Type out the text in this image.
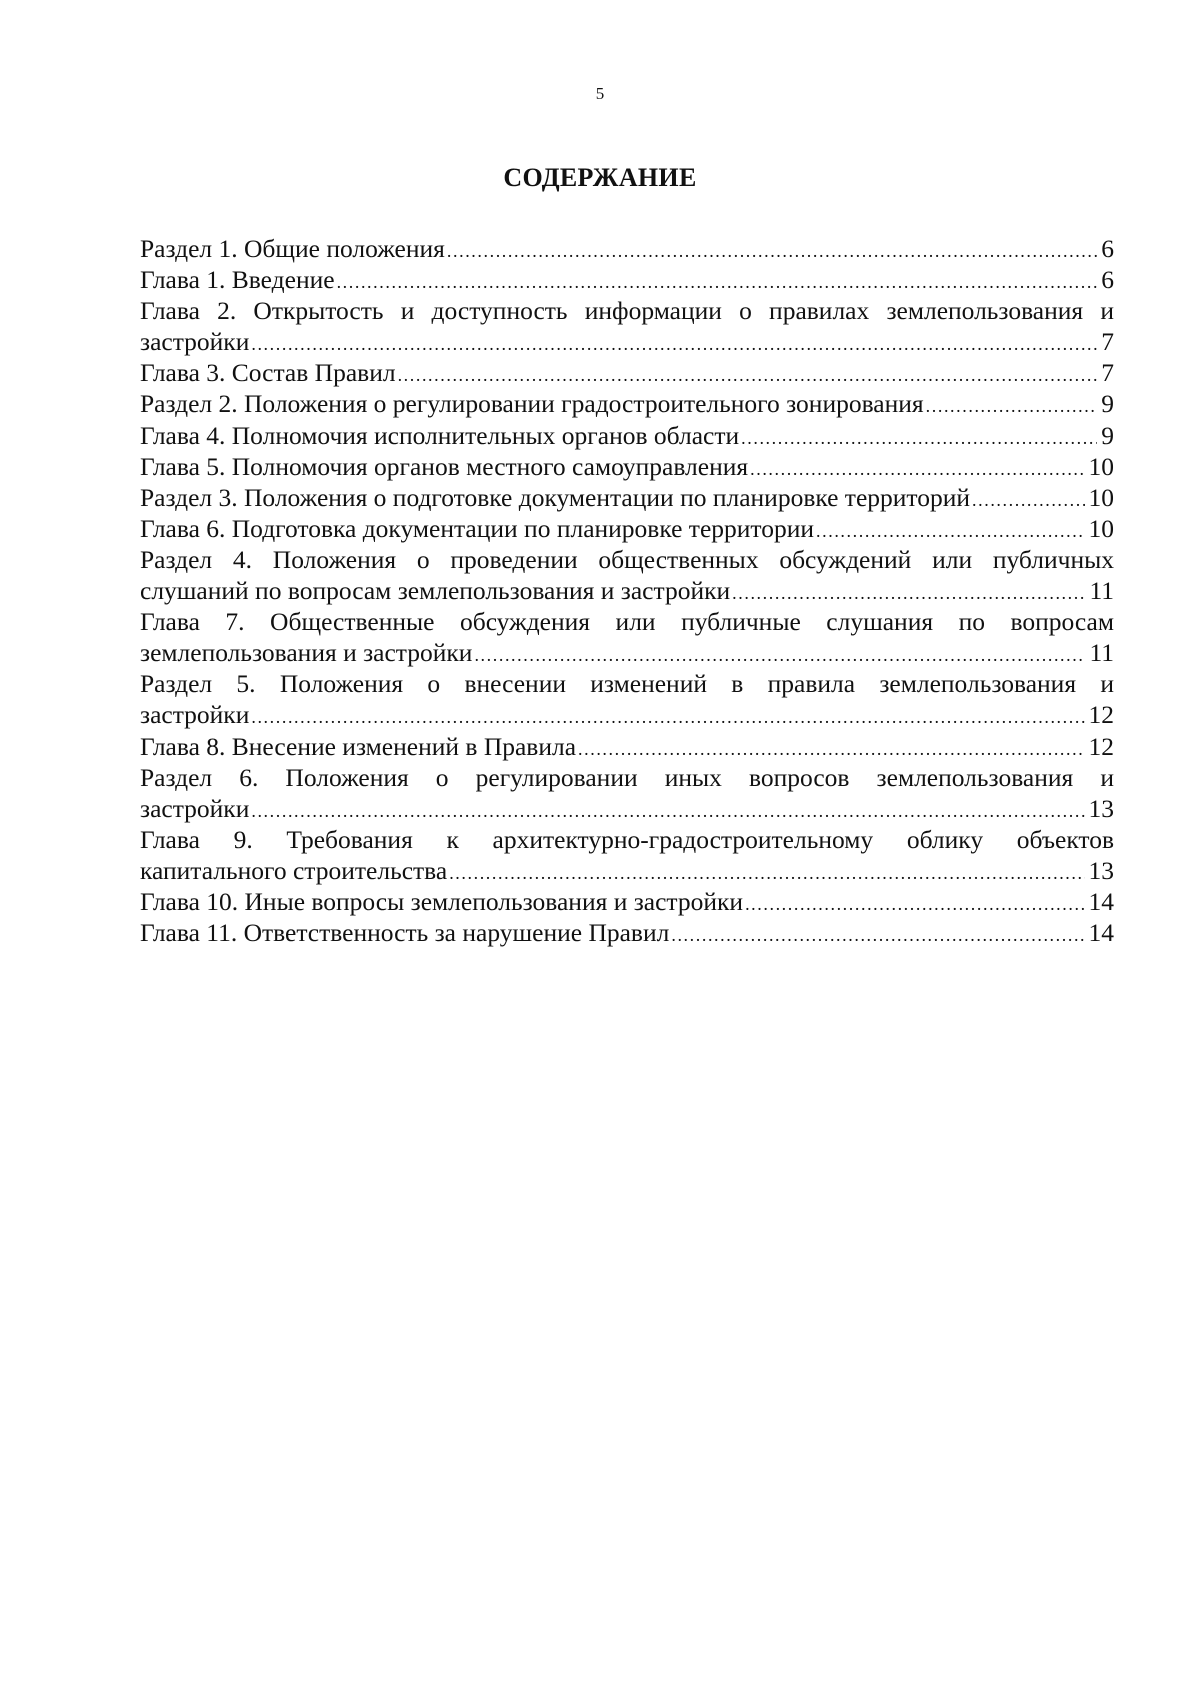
5
СОДЕРЖАНИЕ
Раздел 1. Общие положения .....	6
Глава 1. Введение .....	6
Глава 2. Открытость и доступность информации о правилах землепользования и
застройки .....	7
Глава 3. Состав Правил .....	7
Раздел 2. Положения о регулировании градостроительного зонирования .....	9
Глава 4. Полномочия исполнительных органов области .....	9
Глава 5. Полномочия органов местного самоуправления .....	10
Раздел 3. Положения о подготовке документации по планировке территорий .....	10
Глава 6. Подготовка документации по планировке территории .....	10
Раздел 4. Положения о проведении общественных обсуждений или публичных
слушаний по вопросам землепользования и застройки .....	11
Глава 7. Общественные обсуждения или публичные слушания по вопросам
землепользования и застройки .....	11
Раздел 5. Положения о внесении изменений в правила землепользования и
застройки .....	12
Глава 8. Внесение изменений в Правила .....	12
Раздел 6. Положения о регулировании иных вопросов землепользования и
застройки .....	13
Глава 9. Требования к архитектурно-градостроительному облику объектов
капитального строительства .....	13
Глава 10. Иные вопросы землепользования и застройки .....	14
Глава 11. Ответственность за нарушение Правил .....	14
